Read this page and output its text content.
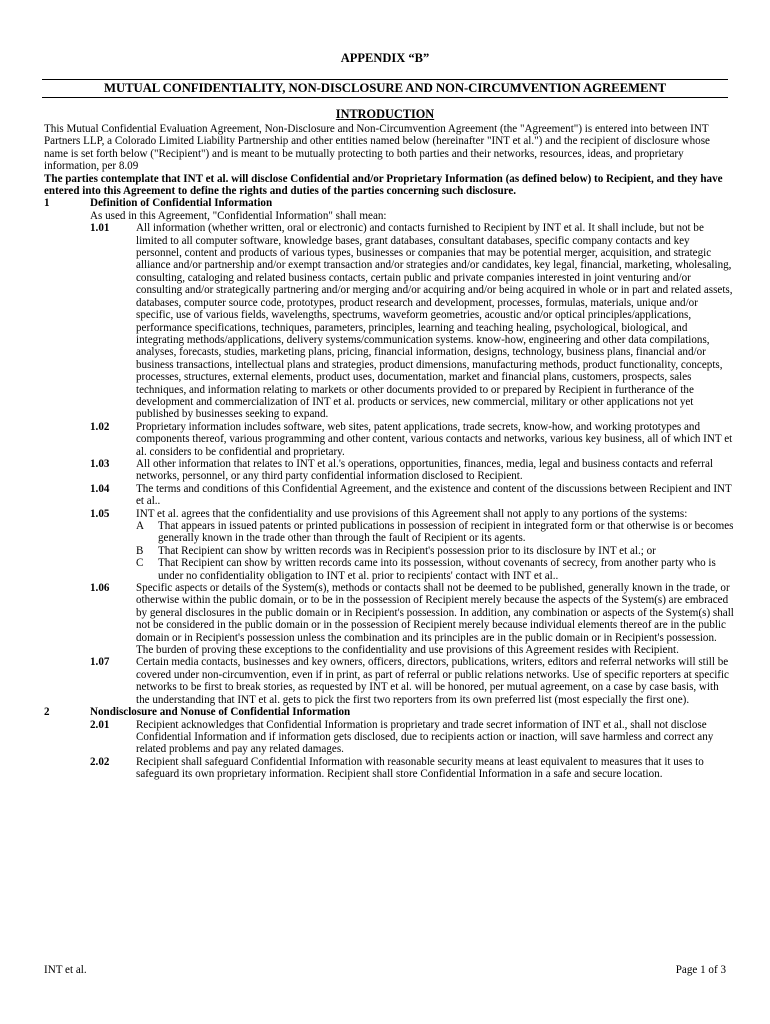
APPENDIX “B”
MUTUAL CONFIDENTIALITY, NON-DISCLOSURE AND NON-CIRCUMVENTION AGREEMENT
INTRODUCTION

This Mutual Confidential Evaluation Agreement, Non-Disclosure and Non-Circumvention Agreement (the "Agreement") is entered into between INT Partners LLP, a Colorado Limited Liability Partnership and other entities named below (hereinafter "INT et al.") and the recipient of disclosure whose name is set forth below ("Recipient") and is meant to be mutually protecting to both parties and their networks, resources, ideas, and proprietary information, per 8.09

The parties contemplate that INT et al. will disclose Confidential and/or Proprietary Information (as defined below) to Recipient, and they have entered into this Agreement to define the rights and duties of the parties concerning such disclosure.

1	Definition of Confidential Information

As used in this Agreement, "Confidential Information" shall mean:

1.01	All information (whether written, oral or electronic) and contacts furnished to Recipient by INT et al. It shall include, but not be limited to all computer software, knowledge bases, grant databases, consultant databases, specific company contacts and key personnel, content and products of various types, businesses or companies that may be potential merger, acquisition, and strategic alliance and/or partnership and/or exempt transaction and/or strategies and/or candidates, key legal, financial, marketing, wholesaling, consulting, cataloging and related business contacts, certain public and private companies interested in joint venturing and/or consulting and/or strategically partnering and/or merging and/or acquiring and/or being acquired in whole or in part and related assets, databases, computer source code, prototypes, product research and development, processes, formulas, materials, unique and/or specific, use of various fields, wavelengths, spectrums, waveform geometries, acoustic and/or optical principles/applications, performance specifications, techniques, parameters, principles, learning and teaching healing, psychological, biological, and integrating methods/applications, delivery systems/communication systems. know-how, engineering and other data compilations, analyses, forecasts, studies, marketing plans, pricing, financial information, designs, technology, business plans, financial and/or business transactions, intellectual plans and strategies, product dimensions, manufacturing methods, product functionality, concepts, processes, structures, external elements, product uses, documentation, market and financial plans, customers, prospects, sales techniques, and information relating to markets or other documents provided to or prepared by Recipient in furtherance of the development and commercialization of INT et al. products or services, new commercial, military or other applications not yet published by businesses seeking to expand.
1.02	Proprietary information includes software, web sites, patent applications, trade secrets, know-how, and working prototypes and components thereof, various programming and other content, various contacts and networks, various key business, all of which INT et al. considers to be confidential and proprietary.
1.03	All other information that relates to INT et al.'s operations, opportunities, finances, media, legal and business contacts and referral networks, personnel, or any third party confidential information disclosed to Recipient.
1.04	The terms and conditions of this Confidential Agreement, and the existence and content of the discussions between Recipient and INT et al..
1.05	INT et al. agrees that the confidentiality and use provisions of this Agreement shall not apply to any portions of the systems:
A	That appears in issued patents or printed publications in possession of recipient in integrated form or that otherwise is or becomes generally known in the trade other than through the fault of Recipient or its agents.
B	That Recipient can show by written records was in Recipient's possession prior to its disclosure by INT et al.; or
C	That Recipient can show by written records came into its possession, without covenants of secrecy, from another party who is under no confidentiality obligation to INT et al. prior to recipients' contact with INT et al..
1.06	Specific aspects or details of the System(s), methods or contacts shall not be deemed to be published, generally known in the trade, or otherwise within the public domain, or to be in the possession of Recipient merely because the aspects of the System(s) are embraced by general disclosures in the public domain or in Recipient's possession. In addition, any combination or aspects of the System(s) shall not be considered in the public domain or in the possession of Recipient merely because individual elements thereof are in the public domain or in Recipient's possession unless the combination and its principles are in the public domain or in Recipient's possession. The burden of proving these exceptions to the confidentiality and use provisions of this Agreement resides with Recipient.
1.07	Certain media contacts, businesses and key owners, officers, directors, publications, writers, editors and referral networks will still be covered under non-circumvention, even if in print, as part of referral or public relations networks. Use of specific reporters at specific networks to be first to break stories, as requested by INT et al. will be honored, per mutual agreement, on a case by case basis, with the understanding that INT et al. gets to pick the first two reporters from its own preferred list (most especially the first one).
2	Nondisclosure and Nonuse of Confidential Information
2.01	Recipient acknowledges that Confidential Information is proprietary and trade secret information of INT et al., shall not disclose Confidential Information and if information gets disclosed, due to recipients action or inaction, will save harmless and correct any related problems and pay any related damages.
2.02	Recipient shall safeguard Confidential Information with reasonable security means at least equivalent to measures that it uses to safeguard its own proprietary information. Recipient shall store Confidential Information in a safe and secure location.
INT et al.	Page 1 of 3
